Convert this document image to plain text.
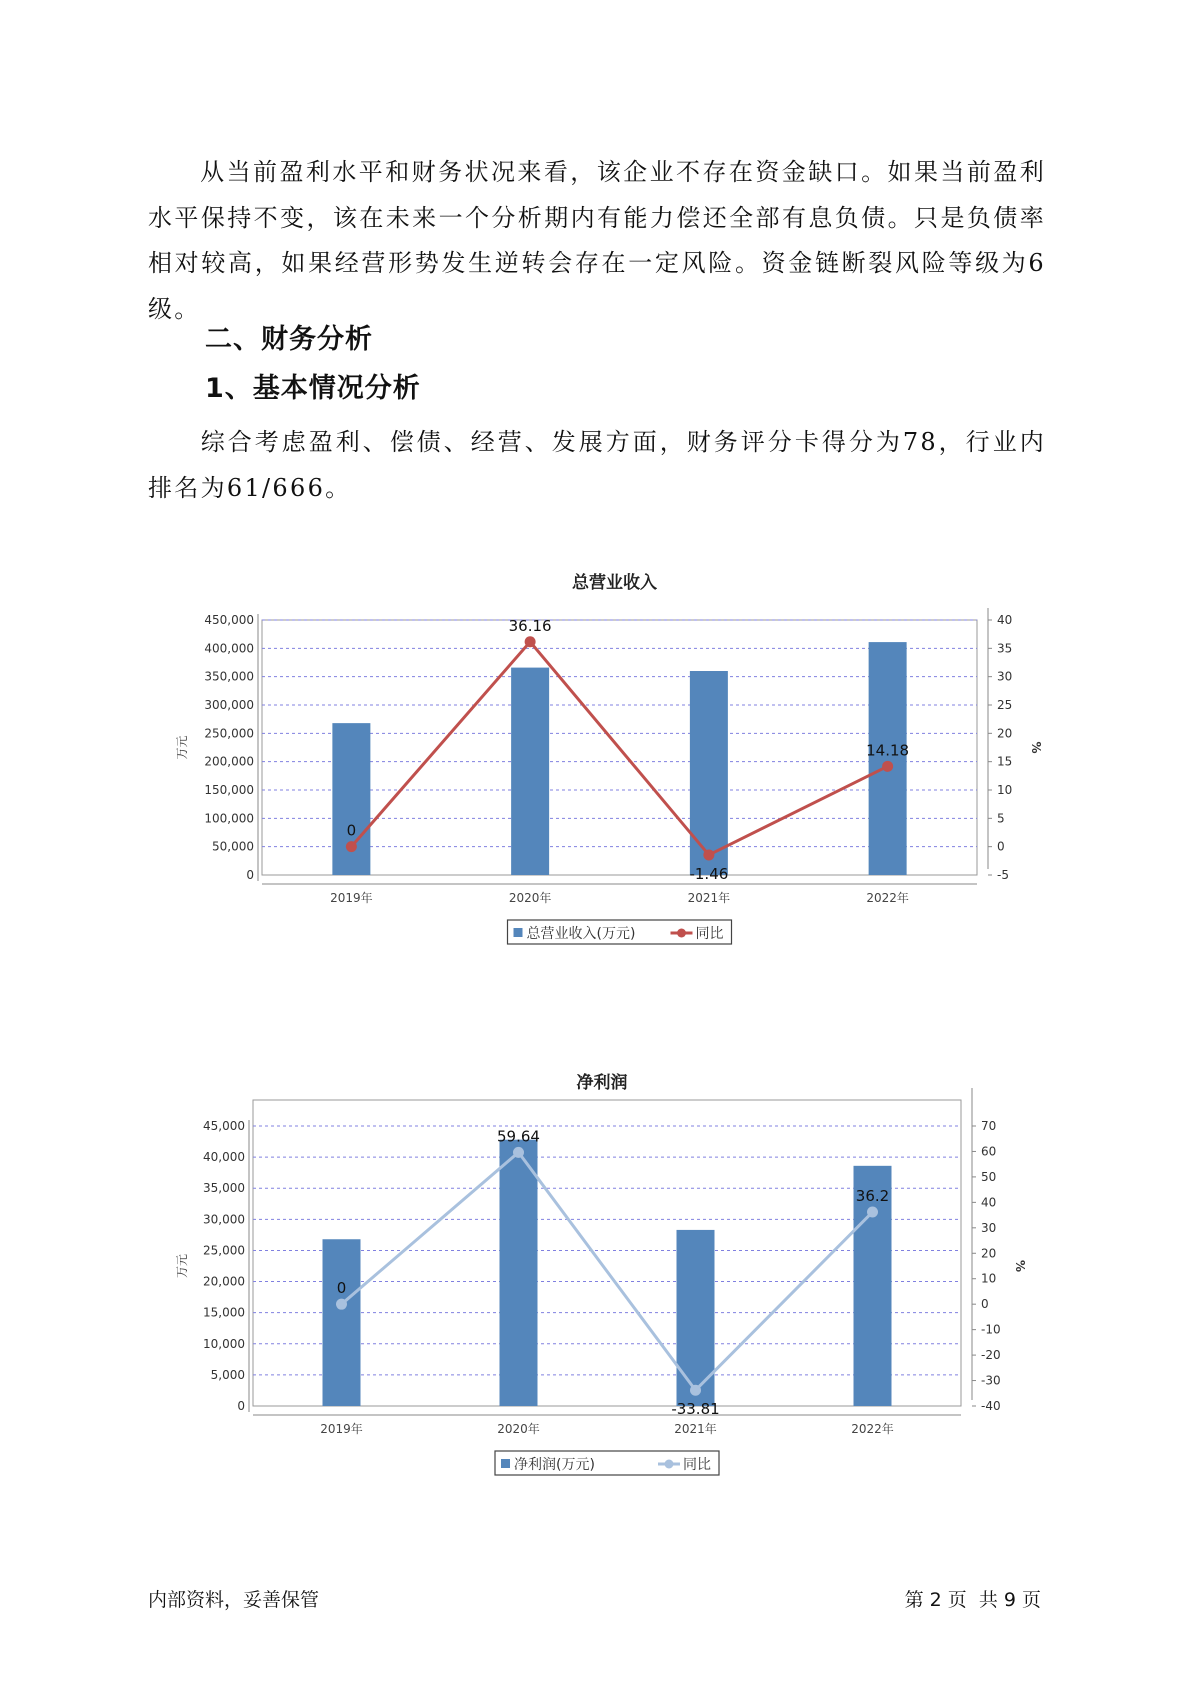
从当前盈利水平和财务状况来看，该企业不存在资金缺口。如果当前盈利水平保持不变，该在未来一个分析期内有能力偿还全部有息负债。只是负债率相对较高，如果经营形势发生逆转会存在一定风险。资金链断裂风险等级为6级。

二、财务分析
1、基本情况分析

综合考虑盈利、偿债、经营、发展方面，财务评分卡得分为78，行业内排名为61/666。

总营业收入
450,000
400,000
350,000
300,000
250,000
200,000
150,000
100,000
50,000
0
万元
40
35
30
25
20
15
10
5
0
-5
%
2019年	2020年	2021年	2022年
0
36.16
-1.46
14.18
总营业收入(万元)	同比
净利润
45,000
40,000
35,000
30,000
25,000
20,000
15,000
10,000
5,000
0
万元
70
60
50
40
30
20
10
0
-10
-20
-30
-40
%
2019年	2020年	2021年	2022年
0
59.64
-33.81
36.2
净利润(万元)	同比
内部资料，妥善保管	第 2 页  共 9 页
